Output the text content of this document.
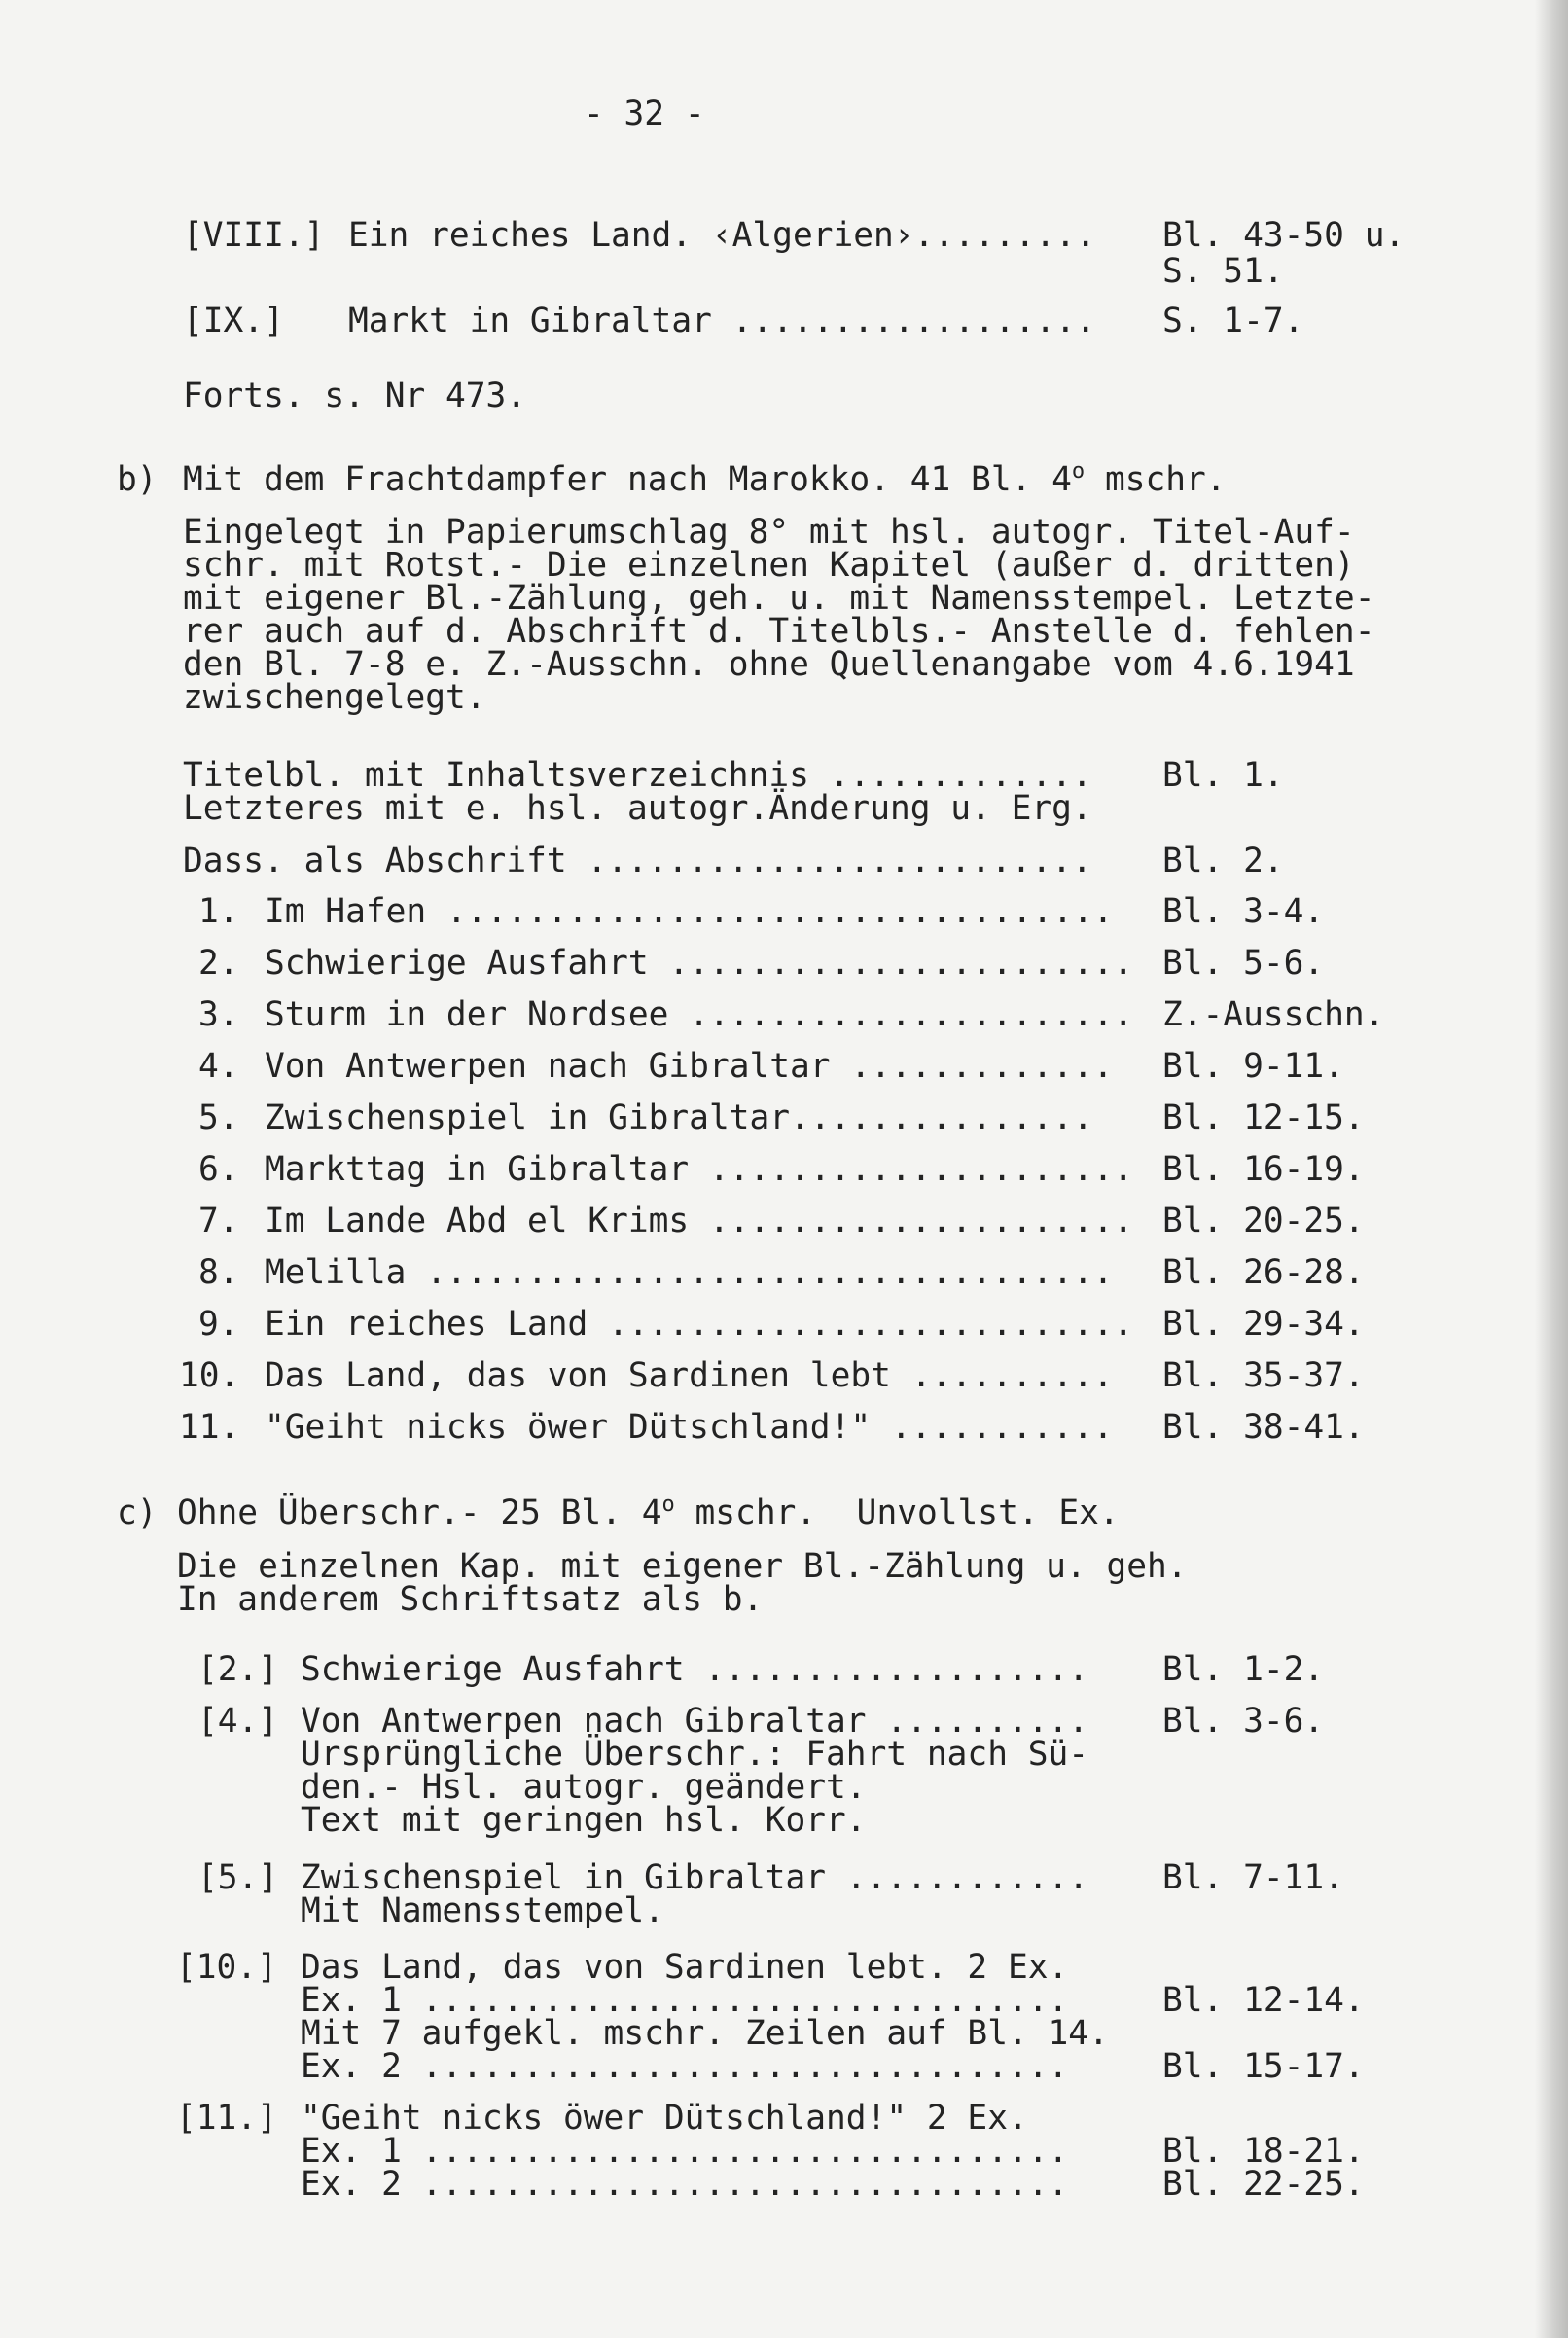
- 32 -
[VIII.] Ein reiches Land. ‹Algerien›......... Bl. 43-50 u.
S. 51.
[IX.] Markt in Gibraltar .................. S. 1-7.
Forts. s. Nr 473.
b) Mit dem Frachtdampfer nach Marokko. 41 Bl. 4$^o$ mschr.
Eingelegt in Papierumschlag 8° mit hsl. autogr. Titel-Auf-
schr. mit Rotst.- Die einzelnen Kapitel (außer d. dritten)
mit eigener Bl.-Zählung, geh. u. mit Namensstempel. Letzte-
rer auch auf d. Abschrift d. Titelbls.- Anstelle d. fehlen-
den Bl. 7-8 e. Z.-Ausschn. ohne Quellenangabe vom 4.6.1941
zwischengelegt.
Titelbl. mit Inhaltsverzeichnis ............. Bl. 1.
Letzteres mit e. hsl. autogr.Änderung u. Erg.
Dass. als Abschrift ......................... Bl. 2.
1. Im Hafen ................................. Bl. 3-4.
2. Schwierige Ausfahrt ....................... Bl. 5-6.
3. Sturm in der Nordsee ...................... Z.-Ausschn.
4. Von Antwerpen nach Gibraltar ............. Bl. 9-11.
5. Zwischenspiel in Gibraltar............... Bl. 12-15.
6. Markttag in Gibraltar ..................... Bl. 16-19.
7. Im Lande Abd el Krims ..................... Bl. 20-25.
8. Melilla .................................. Bl. 26-28.
9. Ein reiches Land .......................... Bl. 29-34.
10. Das Land, das von Sardinen lebt .......... Bl. 35-37.
11. "Geiht nicks öwer Dütschland!" ........... Bl. 38-41.
c) Ohne Überschr.- 25 Bl. 4$^o$ mschr.  Unvollst. Ex.
Die einzelnen Kap. mit eigener Bl.-Zählung u. geh.
In anderem Schriftsatz als b.
[2.] Schwierige Ausfahrt ................... Bl. 1-2.
[4.] Von Antwerpen nach Gibraltar .......... Bl. 3-6.
Ursprüngliche Überschr.: Fahrt nach Sü-
den.- Hsl. autogr. geändert.
Text mit geringen hsl. Korr.
[5.] Zwischenspiel in Gibraltar ............ Bl. 7-11.
Mit Namensstempel.
[10.] Das Land, das von Sardinen lebt. 2 Ex.
Ex. 1 ................................	Bl. 12-14.
Mit 7 aufgekl. mschr. Zeilen auf Bl. 14.
Ex. 2 ................................	Bl. 15-17.
[11.] "Geiht nicks öwer Dütschland!" 2 Ex.
Ex. 1 ................................	Bl. 18-21.
Ex. 2 ................................	Bl. 22-25.
